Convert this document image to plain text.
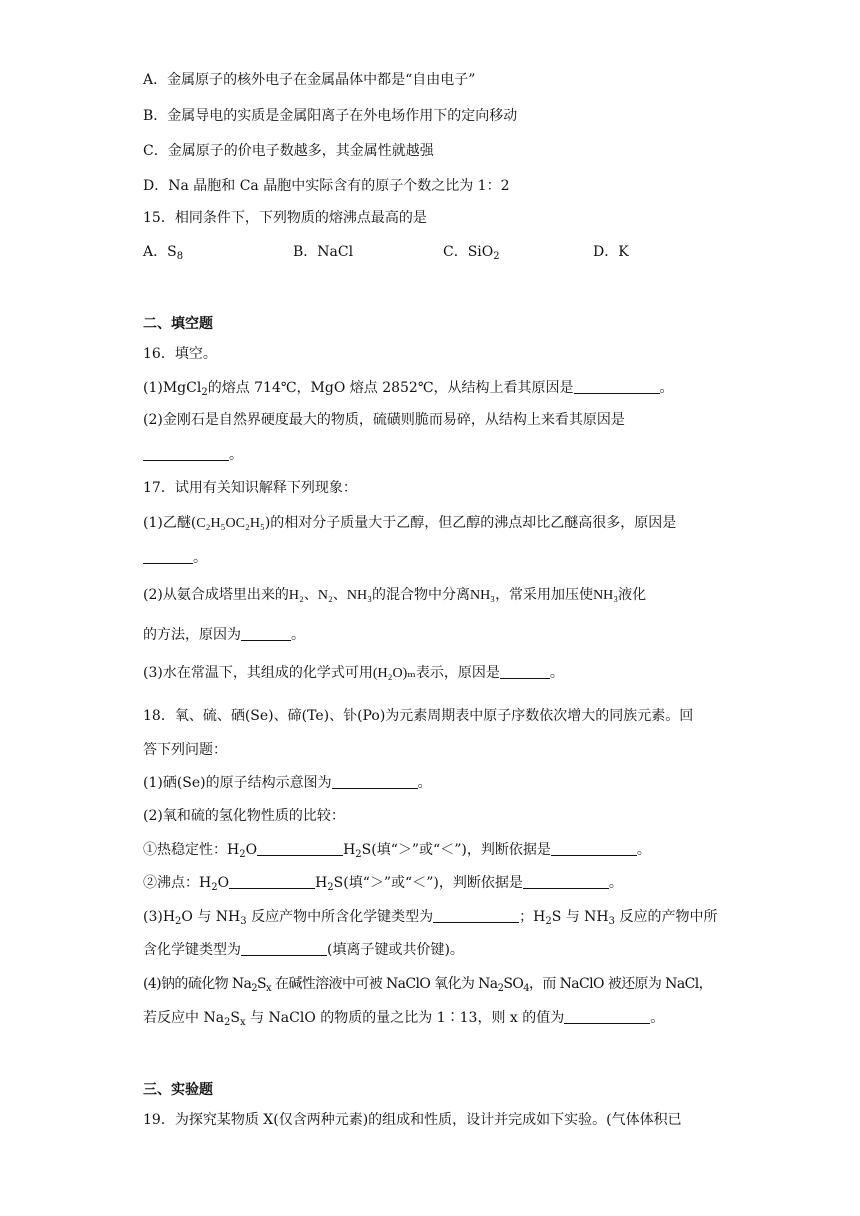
A．金属原子的核外电子在金属晶体中都是“自由电子”
B．金属导电的实质是金属阳离子在外电场作用下的定向移动
C．金属原子的价电子数越多，其金属性就越强
D．Na 晶胞和 Ca 晶胞中实际含有的原子个数之比为 1：2
15．相同条件下，下列物质的熔沸点最高的是
A．$S_8$	B．NaCl	C．SiO$_2$	D．K
二、填空题
16．填空。
(1)MgCl$_2$的熔点 714℃，MgO 熔点 2852℃，从结构上看其原因是	。
(2)金刚石是自然界硬度最大的物质，硫磺则脆而易碎，从结构上来看其原因是
。
17．试用有关知识解释下列现象：
(1)乙醚(C₂H₅OC₂H₅)的相对分子质量大于乙醇，但乙醇的沸点却比乙醚高很多，原因是
。
(2)从氨合成塔里出来的H₂、N₂、NH₃的混合物中分离NH₃，常采用加压使NH₃液化
的方法，原因为	。
(3)水在常温下，其组成的化学式可用(H₂O)ₘ表示，原因是	。
18．氧、硫、硒(Se)、碲(Te)、钋(Po)为元素周期表中原子序数依次增大的同族元素。回
答下列问题：
(1)硒(Se)的原子结构示意图为	。
(2)氧和硫的氢化物性质的比较：
①热稳定性：$H_2O$	$H_2S$(填“＞”或“＜”)，判断依据是	。
②沸点：$H_2O$	$H_2S$(填“＞”或“＜”)，判断依据是	。
$(3)H_2O$ 与 $NH_3$ 反应产物中所含化学键类型为	；$H_2S$ 与 $NH_3$ 反应的产物中所
含化学键类型为	(填离子键或共价键)。
(4)钠的硫化物 $Na_2S_x$ 在碱性溶液中可被 NaClO 氧化为 $Na_2SO_4$，而 NaClO 被还原为 NaCl，
若反应中 $Na_2S_x$ 与 NaClO 的物质的量之比为 1∶13，则 x 的值为	。
三、实验题
19．为探究某物质 X(仅含两种元素)的组成和性质，设计并完成如下实验。(气体体积已
